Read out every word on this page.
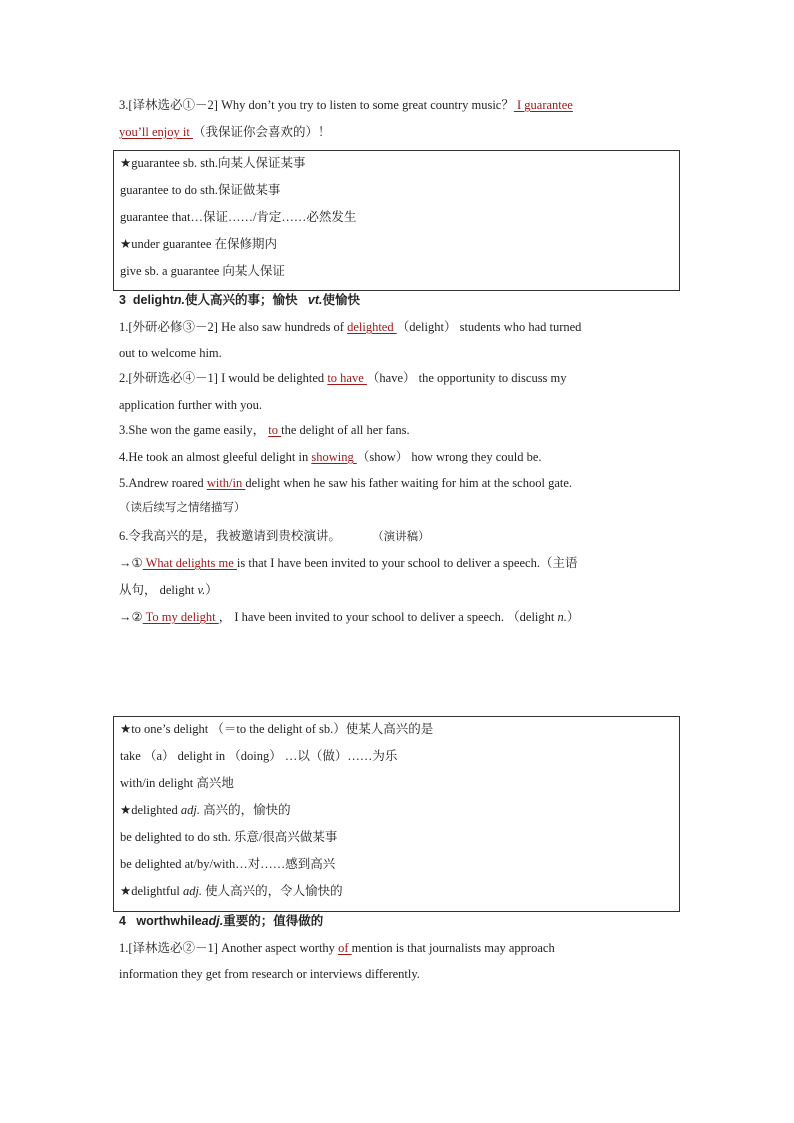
3.[译林选必①－2] Why don’t you try to listen to some great country music？ I guarantee
you’ll enjoy it （我保证你会喜欢的）！
★guarantee sb. sth.向某人保证某事
guarantee to do sth.保证做某事
guarantee that…保证……/肯定……必然发生
★under guarantee 在保修期内
give sb. a guarantee 向某人保证
3 delightn.使人高兴的事；愉快 vt.使愉快
1.[外研必修③－2] He also saw hundreds of delighted （delight） students who had turned
out to welcome him.
2.[外研选必④－1] I would be delighted to have （have） the opportunity to discuss my
application further with you.
3.She won the game easily， to the delight of all her fans.
4.He took an almost gleeful delight in showing （show） how wrong they could be.
5.Andrew roared with/in delight when he saw his father waiting for him at the school gate.
（读后续写之情绪描写）
6.令我高兴的是，我被邀请到贵校演讲。	（演讲稿）
→① What delights me is that I have been invited to your school to deliver a speech.（主语
从句， delight v.）
→② To my delight ， I have been invited to your school to deliver a speech. （delight n.）
★to one’s delight （＝to the delight of sb.）使某人高兴的是
take （a） delight in （doing） …以（做）……为乐
with/in delight 高兴地
★delighted adj. 高兴的，愉快的
be delighted to do sth. 乐意/很高兴做某事
be delighted at/by/with…对……感到高兴
★delightful adj. 使人高兴的，令人愉快的
4 worthwhileadj.重要的；值得做的
1.[译林选必②－1] Another aspect worthy of mention is that journalists may approach
information they get from research or interviews differently.
